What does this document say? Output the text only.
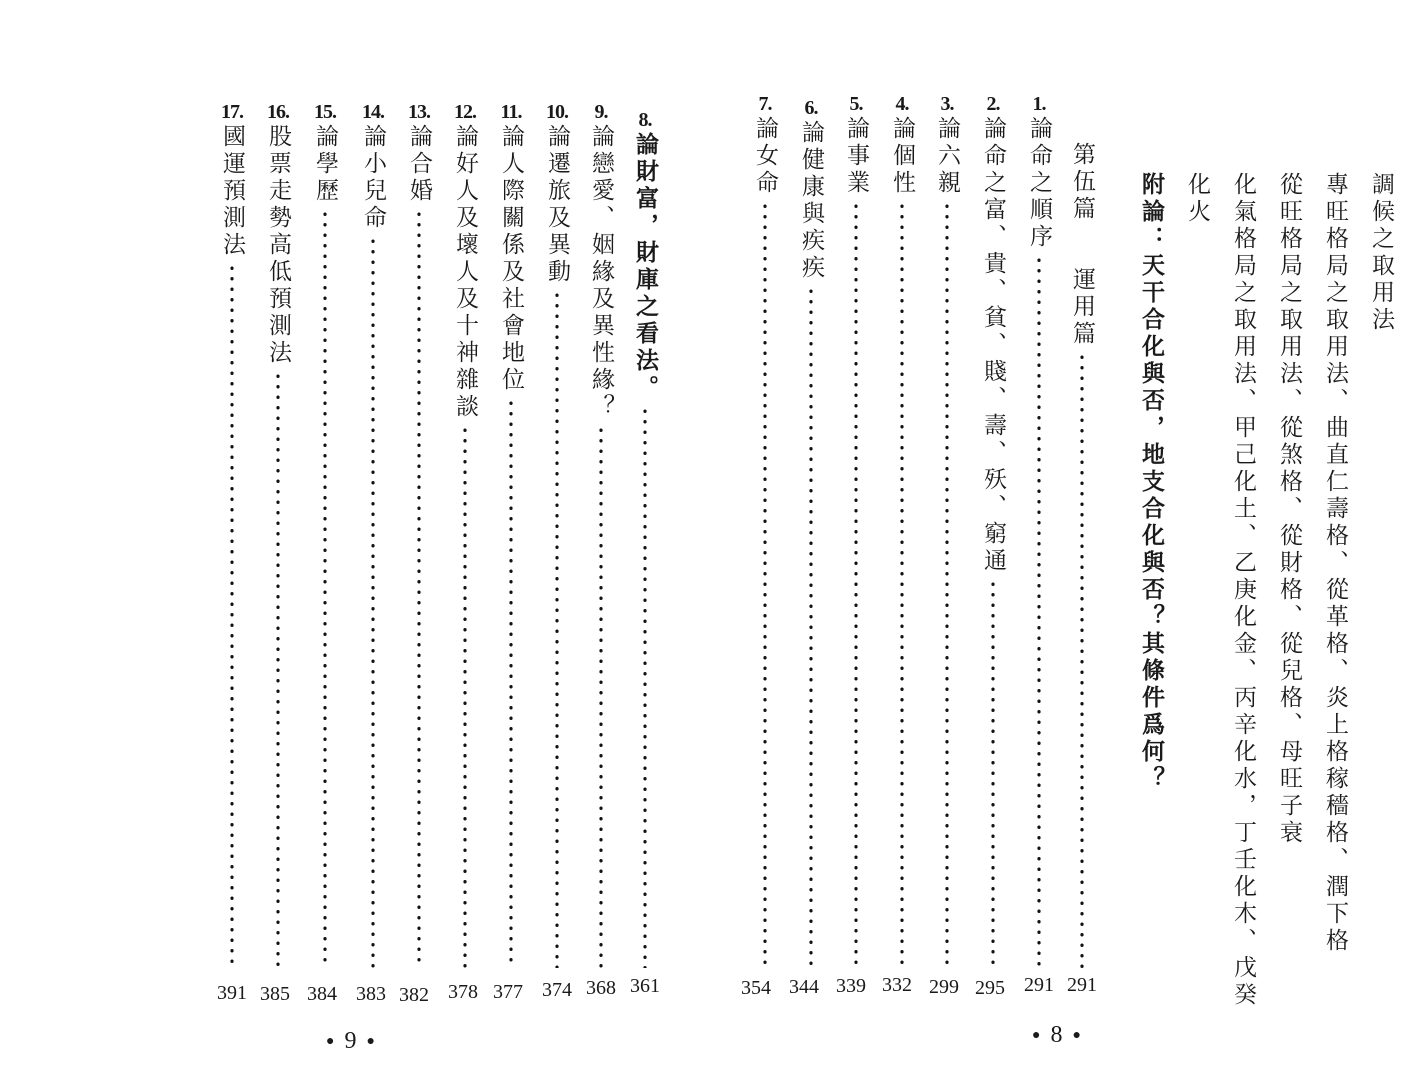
8.
論財富，財庫之看法。
9.
論戀愛、姻緣及異性緣？
10.
論遷旅及異動
11.
論人際關係及社會地位
12.
論好人及壞人及十神雜談
13.
論合婚
14.
論小兒命
15.
論學歷
16.
股票走勢高低預測法
17.
國運預測法
361
368
374
377
378
382
383
384
385
391
● 9 ●
調候之取用法
專旺格局之取用法、曲直仁壽格、從革格、炎上格稼穡格、潤下格
從旺格局之取用法、從煞格、從財格、從兒格、母旺子衰
化氣格局之取用法、甲己化土、乙庚化金、丙辛化水，丁壬化木、戊癸
化火
附論：天干合化與否，地支合化與否？其條件爲何？
第伍篇
運用篇
1.
論命之順序
2.
論命之富、貴、貧、賤、壽、殀、窮通
3.
論六親
4.
論個性
5.
論事業
6.
論健康與疾疾
7.
論女命
291
291
295
299
332
339
344
354
● 8 ●
